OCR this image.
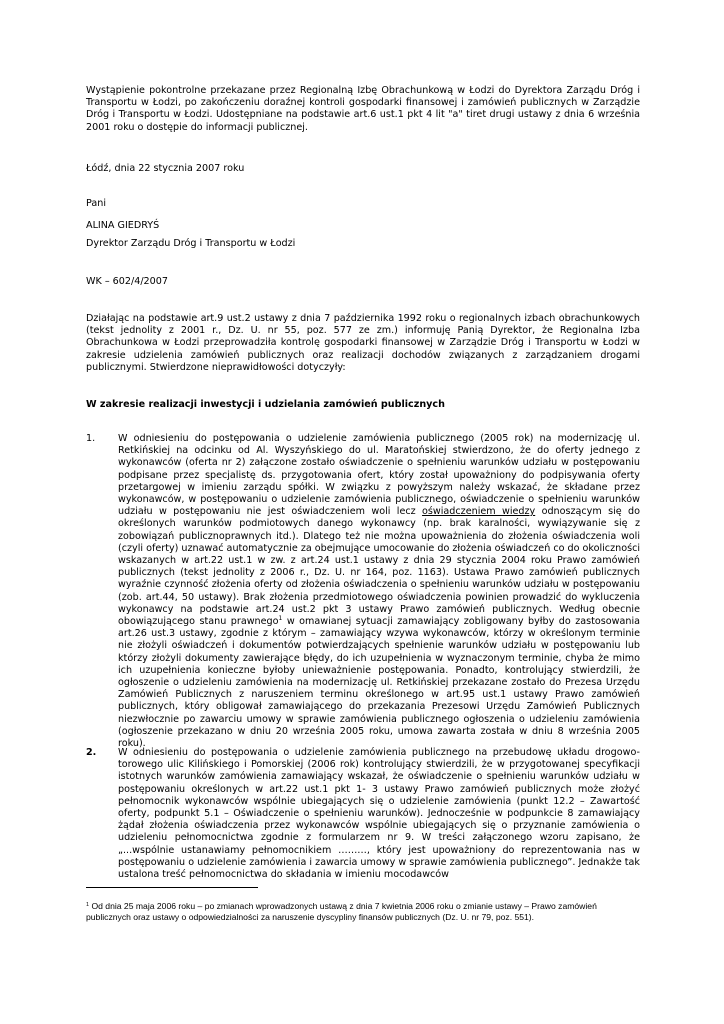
Wystąpienie pokontrolne przekazane przez Regionalną Izbę Obrachunkową w Łodzi do Dyrektora Zarządu Dróg i Transportu w Łodzi, po zakończeniu doraźnej kontroli gospodarki finansowej i zamówień publicznych w Zarządzie Dróg i Transportu w Łodzi. Udostępniane na podstawie art.6 ust.1 pkt 4 lit "a" tiret drugi ustawy z dnia 6 września 2001 roku o dostępie do informacji publicznej.

Łódź, dnia 22 stycznia 2007 roku

Pani

ALINA GIEDRYŚ

Dyrektor Zarządu Dróg i Transportu w Łodzi

WK – 602/4/2007

Działając na podstawie art.9 ust.2 ustawy z dnia 7 października 1992 roku o regionalnych izbach obrachunkowych (tekst jednolity z 2001 r., Dz. U. nr 55, poz. 577 ze zm.) informuję Panią Dyrektor, że Regionalna Izba Obrachunkowa w Łodzi przeprowadziła kontrolę gospodarki finansowej w Zarządzie Dróg i Transportu w Łodzi w zakresie udzielenia zamówień publicznych oraz realizacji dochodów związanych z zarządzaniem drogami publicznymi. Stwierdzone nieprawidłowości dotyczyły:

W zakresie realizacji inwestycji i udzielania zamówień publicznych

1. W odniesieniu do postępowania o udzielenie zamówienia publicznego (2005 rok) na modernizację ul. Retkińskiej na odcinku od Al. Wyszyńskiego do ul. Maratońskiej stwierdzono, że do oferty jednego z wykonawców (oferta nr 2) załączone zostało oświadczenie o spełnieniu warunków udziału w postępowaniu podpisane przez specjalistę ds. przygotowania ofert, który został upoważniony do podpisywania oferty przetargowej w imieniu zarządu spółki. W związku z powyższym należy wskazać, że składane przez wykonawców, w postępowaniu o udzielenie zamówienia publicznego, oświadczenie o spełnieniu warunków udziału w postępowaniu nie jest oświadczeniem woli lecz oświadczeniem wiedzy odnoszącym się do określonych warunków podmiotowych danego wykonawcy (np. brak karalności, wywiązywanie się z zobowiązań publicznoprawnych itd.). Dlatego też nie można upoważnienia do złożenia oświadczenia woli (czyli oferty) uznawać automatycznie za obejmujące umocowanie do złożenia oświadczeń co do okoliczności wskazanych w art.22 ust.1 w zw. z art.24 ust.1 ustawy z dnia 29 stycznia 2004 roku Prawo zamówień publicznych (tekst jednolity z 2006 r., Dz. U. nr 164, poz. 1163). Ustawa Prawo zamówień publicznych wyraźnie czynność złożenia oferty od złożenia oświadczenia o spełnieniu warunków udziału w postępowaniu (zob. art.44, 50 ustawy). Brak złożenia przedmiotowego oświadczenia powinien prowadzić do wykluczenia wykonawcy na podstawie art.24 ust.2 pkt 3 ustawy Prawo zamówień publicznych. Według obecnie obowiązującego stanu prawnego$^1$ w omawianej sytuacji zamawiający zobligowany byłby do zastosowania art.26 ust.3 ustawy, zgodnie z którym – zamawiający wzywa wykonawców, którzy w określonym terminie nie złożyli oświadczeń i dokumentów potwierdzających spełnienie warunków udziału w postępowaniu lub którzy złożyli dokumenty zawierające błędy, do ich uzupełnienia w wyznaczonym terminie, chyba że mimo ich uzupełnienia konieczne byłoby unieważnienie postępowania. Ponadto, kontrolujący stwierdzili, że ogłoszenie o udzieleniu zamówienia na modernizację ul. Retkińskiej przekazane zostało do Prezesa Urzędu Zamówień Publicznych z naruszeniem terminu określonego w art.95 ust.1 ustawy Prawo zamówień publicznych, który obligował zamawiającego do przekazania Prezesowi Urzędu Zamówień Publicznych niezwłocznie po zawarciu umowy w sprawie zamówienia publicznego ogłoszenia o udzieleniu zamówienia (ogłoszenie przekazano w dniu 20 września 2005 roku, umowa zawarta została w dniu 8 września 2005 roku).

2. W odniesieniu do postępowania o udzielenie zamówienia publicznego na przebudowę układu drogowo-torowego ulic Kilińskiego i Pomorskiej (2006 rok) kontrolujący stwierdzili, że w przygotowanej specyfikacji istotnych warunków zamówienia zamawiający wskazał, że oświadczenie o spełnieniu warunków udziału w postępowaniu określonych w art.22 ust.1 pkt 1- 3 ustawy Prawo zamówień publicznych może złożyć pełnomocnik wykonawców wspólnie ubiegających się o udzielenie zamówienia (punkt 12.2 – Zawartość oferty, podpunkt 5.1 – Oświadczenie o spełnieniu warunków). Jednocześnie w podpunkcie 8 zamawiający żądał złożenia oświadczenia przez wykonawców wspólnie ubiegających się o przyznanie zamówienia o udzieleniu pełnomocnictwa zgodnie z formularzem nr 9. W treści załączonego wzoru zapisano, że „...wspólnie ustanawiamy pełnomocnikiem ………, który jest upoważniony do reprezentowania nas w postępowaniu o udzielenie zamówienia i zawarcia umowy w sprawie zamówienia publicznego”. Jednakże tak ustalona treść pełnomocnictwa do składania w imieniu mocodawców

$^1$ Od dnia 25 maja 2006 roku – po zmianach wprowadzonych ustawą z dnia 7 kwietnia 2006 roku o zmianie ustawy – Prawo zamówień publicznych oraz ustawy o odpowiedzialności za naruszenie dyscypliny finansów publicznych (Dz. U. nr 79, poz. 551).
